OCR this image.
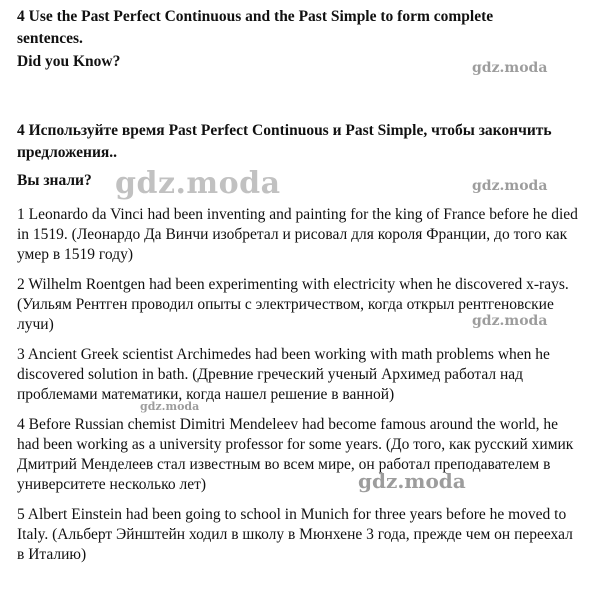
4 Use the Past Perfect Continuous and the Past Simple to form complete sentences.

Did you Know?

4 Используйте время Past Perfect Continuous и Past Simple, чтобы закончить предложения..

Вы знали?

1 Leonardo da Vinci had been inventing and painting for the king of France before he died in 1519. (Леонардо Да Винчи изобретал и рисовал для короля Франции, до того как умер в 1519 году)

2 Wilhelm Roentgen had been experimenting with electricity when he discovered x-rays. (Уильям Рентген проводил опыты с электричеством, когда открыл рентгеновские лучи)

3 Ancient Greek scientist Archimedes had been working with math problems when he discovered solution in bath. (Древние греческий ученый Архимед работал над проблемами математики, когда нашел решение в ванной)

4 Before Russian chemist Dimitri Mendeleev had become famous around the world, he had been working as a university professor for some years. (До того, как русский химик Дмитрий Менделеев стал известным во всем мире, он работал преподавателем в университете несколько лет)

5 Albert Einstein had been going to school in Munich for three years before he moved to Italy. (Альберт Эйнштейн ходил в школу в Мюнхене 3 года, прежде чем он переехал в Италию)

gdz.moda
gdz.moda	gdz.moda
gdz.moda
gdz.moda
gdz.moda
